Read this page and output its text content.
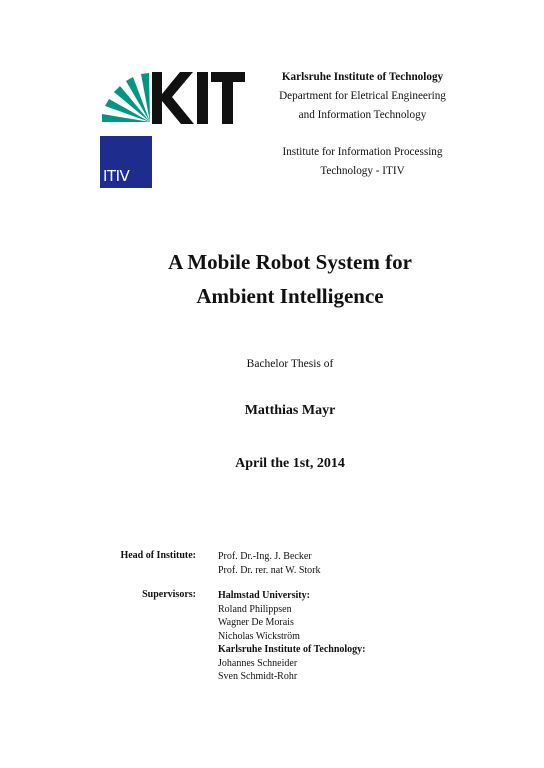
KIT
ITIV
Karlsruhe Institute of Technology
Department for Eletrical Engineering
and Information Technology
Institute for Information Processing
Technology - ITIV
A Mobile Robot System for
Ambient Intelligence
Bachelor Thesis of
Matthias Mayr
April the 1st, 2014
Head of Institute: Prof. Dr.-Ing. J. Becker
Prof. Dr. rer. nat W. Stork
Supervisors: Halmstad University:
Roland Philippsen
Wagner De Morais
Nicholas Wickström
Karlsruhe Institute of Technology:
Johannes Schneider
Sven Schmidt-Rohr
